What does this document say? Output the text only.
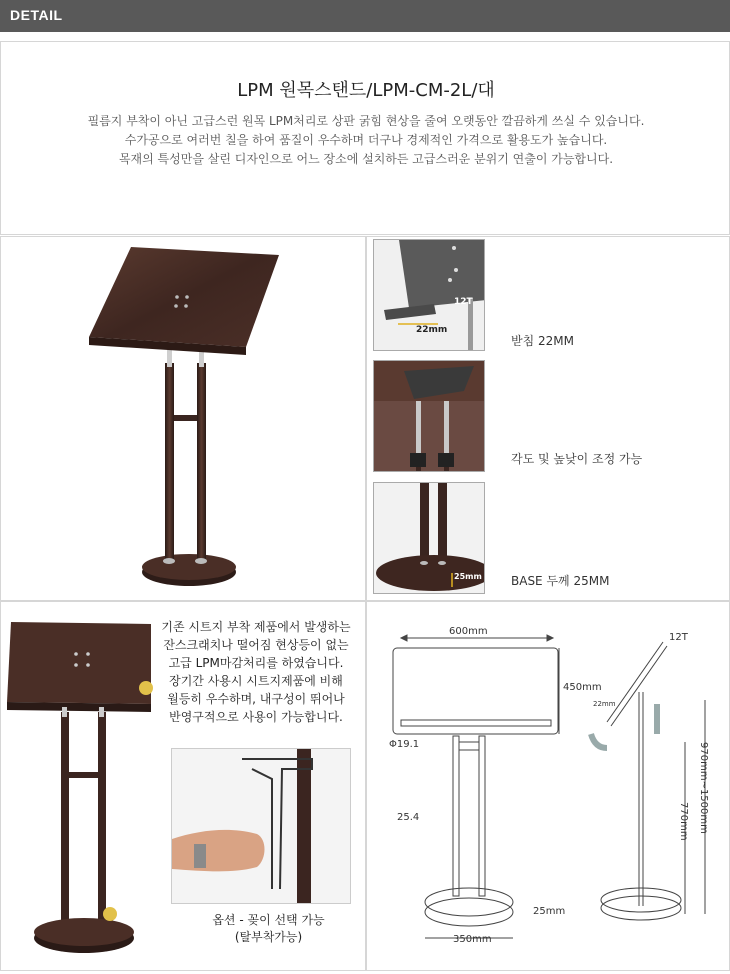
DETAIL
LPM 원목스탠드/LPM-CM-2L/대
필름지 부착이 아닌 고급스런 원목 LPM처리로 상판 굵힘 현상을 줄여 오랫동안 깔끔하게 쓰실 수 있습니다.
수가공으로 여러번 칠을 하여 품질이 우수하며 더구나 경제적인 가격으로 활용도가 높습니다.
목재의 특성만을 살린 디자인으로 어느 장소에 설치하든 고급스러운 분위기 연출이 가능합니다.
12T
22mm
받침 22MM
각도 및 높낮이 조정 가능
25mm BASE 두께 25MM
기존 시트지 부착 제품에서 발생하는
잔스크래치나 떨어짐 현상등이 없는
고급 LPM마감처리를 하였습니다.
장기간 사용시 시트지제품에 비해
월등히 우수하며, 내구성이 뛰어나
반영구적으로 사용이 가능합니다.
옵션 - 꽂이 선택 가능
(탈부착가능)
600mm
450mm
12T
22mm
Φ19.1
25.4
25mm
350mm
970mm~1500mm
770mm
